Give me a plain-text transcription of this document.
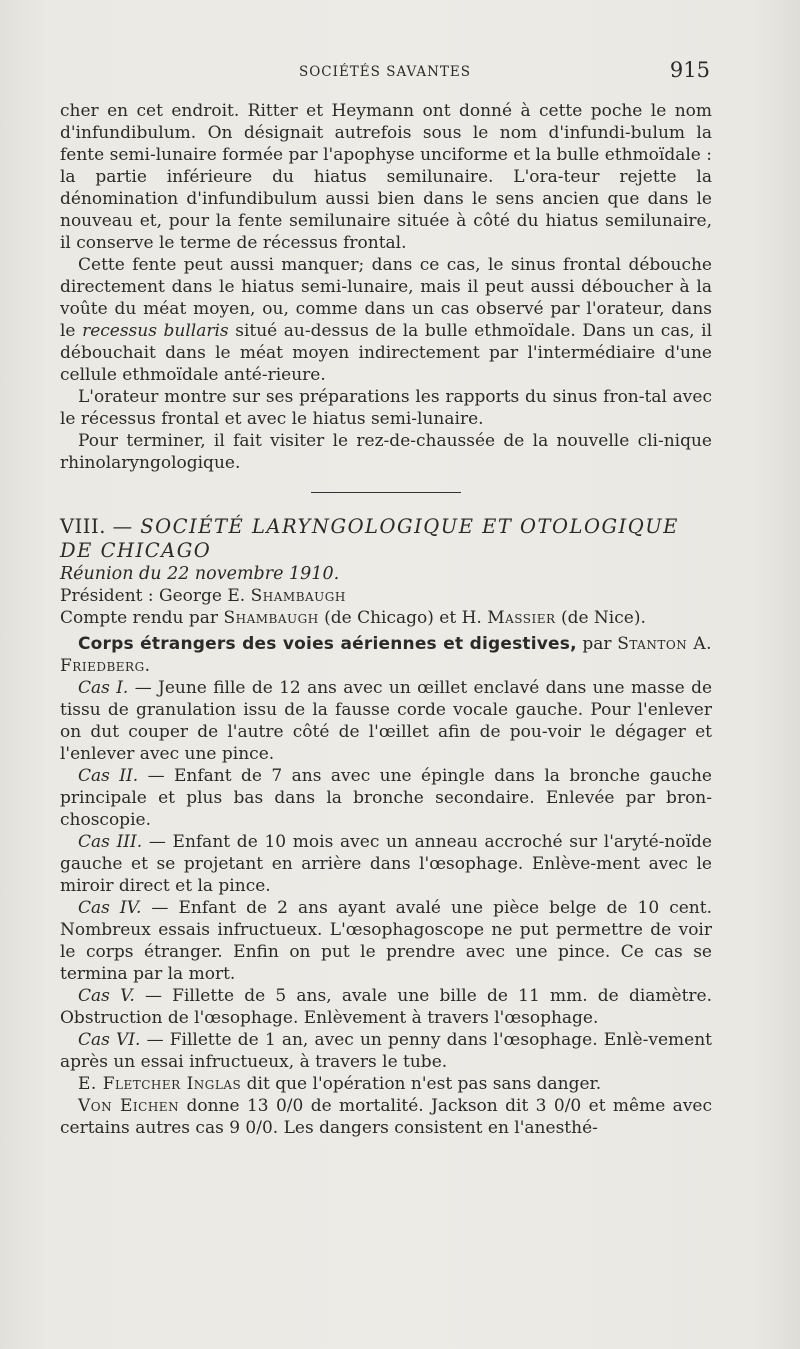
SOCIÉTÉS SAVANTES	915

cher en cet endroit. Ritter et Heymann ont donné à cette poche le nom d'infundibulum. On désignait autrefois sous le nom d'infundi-bulum la fente semi-lunaire formée par l'apophyse unciforme et la bulle ethmoïdale : la partie inférieure du hiatus semilunaire. L'ora-teur rejette la dénomination d'infundibulum aussi bien dans le sens ancien que dans le nouveau et, pour la fente semilunaire située à côté du hiatus semilunaire, il conserve le terme de récessus frontal.

Cette fente peut aussi manquer; dans ce cas, le sinus frontal débouche directement dans le hiatus semi-lunaire, mais il peut aussi déboucher à la voûte du méat moyen, ou, comme dans un cas observé par l'orateur, dans le recessus bullaris situé au-dessus de la bulle ethmoïdale. Dans un cas, il débouchait dans le méat moyen indirectement par l'intermédiaire d'une cellule ethmoïdale anté-rieure.

L'orateur montre sur ses préparations les rapports du sinus fron-tal avec le récessus frontal et avec le hiatus semi-lunaire.

Pour terminer, il fait visiter le rez-de-chaussée de la nouvelle cli-nique rhinolaryngologique.

VIII. — SOCIÉTÉ LARYNGOLOGIQUE ET OTOLOGIQUE

DE CHICAGO

Réunion du 22 novembre 1910.

Président : George E. Shambaugh

Compte rendu par Shambaugh (de Chicago) et H. Massier (de Nice).

Corps étrangers des voies aériennes et digestives, par Stanton A. Friedberg.

Cas I. — Jeune fille de 12 ans avec un œillet enclavé dans une masse de tissu de granulation issu de la fausse corde vocale gauche. Pour l'enlever on dut couper de l'autre côté de l'œillet afin de pou-voir le dégager et l'enlever avec une pince.

Cas II. — Enfant de 7 ans avec une épingle dans la bronche gauche principale et plus bas dans la bronche secondaire. Enlevée par bron-choscopie.

Cas III. — Enfant de 10 mois avec un anneau accroché sur l'aryté-noïde gauche et se projetant en arrière dans l'œsophage. Enlève-ment avec le miroir direct et la pince.

Cas IV. — Enfant de 2 ans ayant avalé une pièce belge de 10 cent. Nombreux essais infructueux. L'œsophagoscope ne put permettre de voir le corps étranger. Enfin on put le prendre avec une pince. Ce cas se termina par la mort.

Cas V. — Fillette de 5 ans, avale une bille de 11 mm. de diamètre. Obstruction de l'œsophage. Enlèvement à travers l'œsophage.

Cas VI. — Fillette de 1 an, avec un penny dans l'œsophage. Enlè-vement après un essai infructueux, à travers le tube.

E. Fletcher Inglas dit que l'opération n'est pas sans danger.

Von Eichen donne 13 0/0 de mortalité. Jackson dit 3 0/0 et même avec certains autres cas 9 0/0. Les dangers consistent en l'anesthé-
